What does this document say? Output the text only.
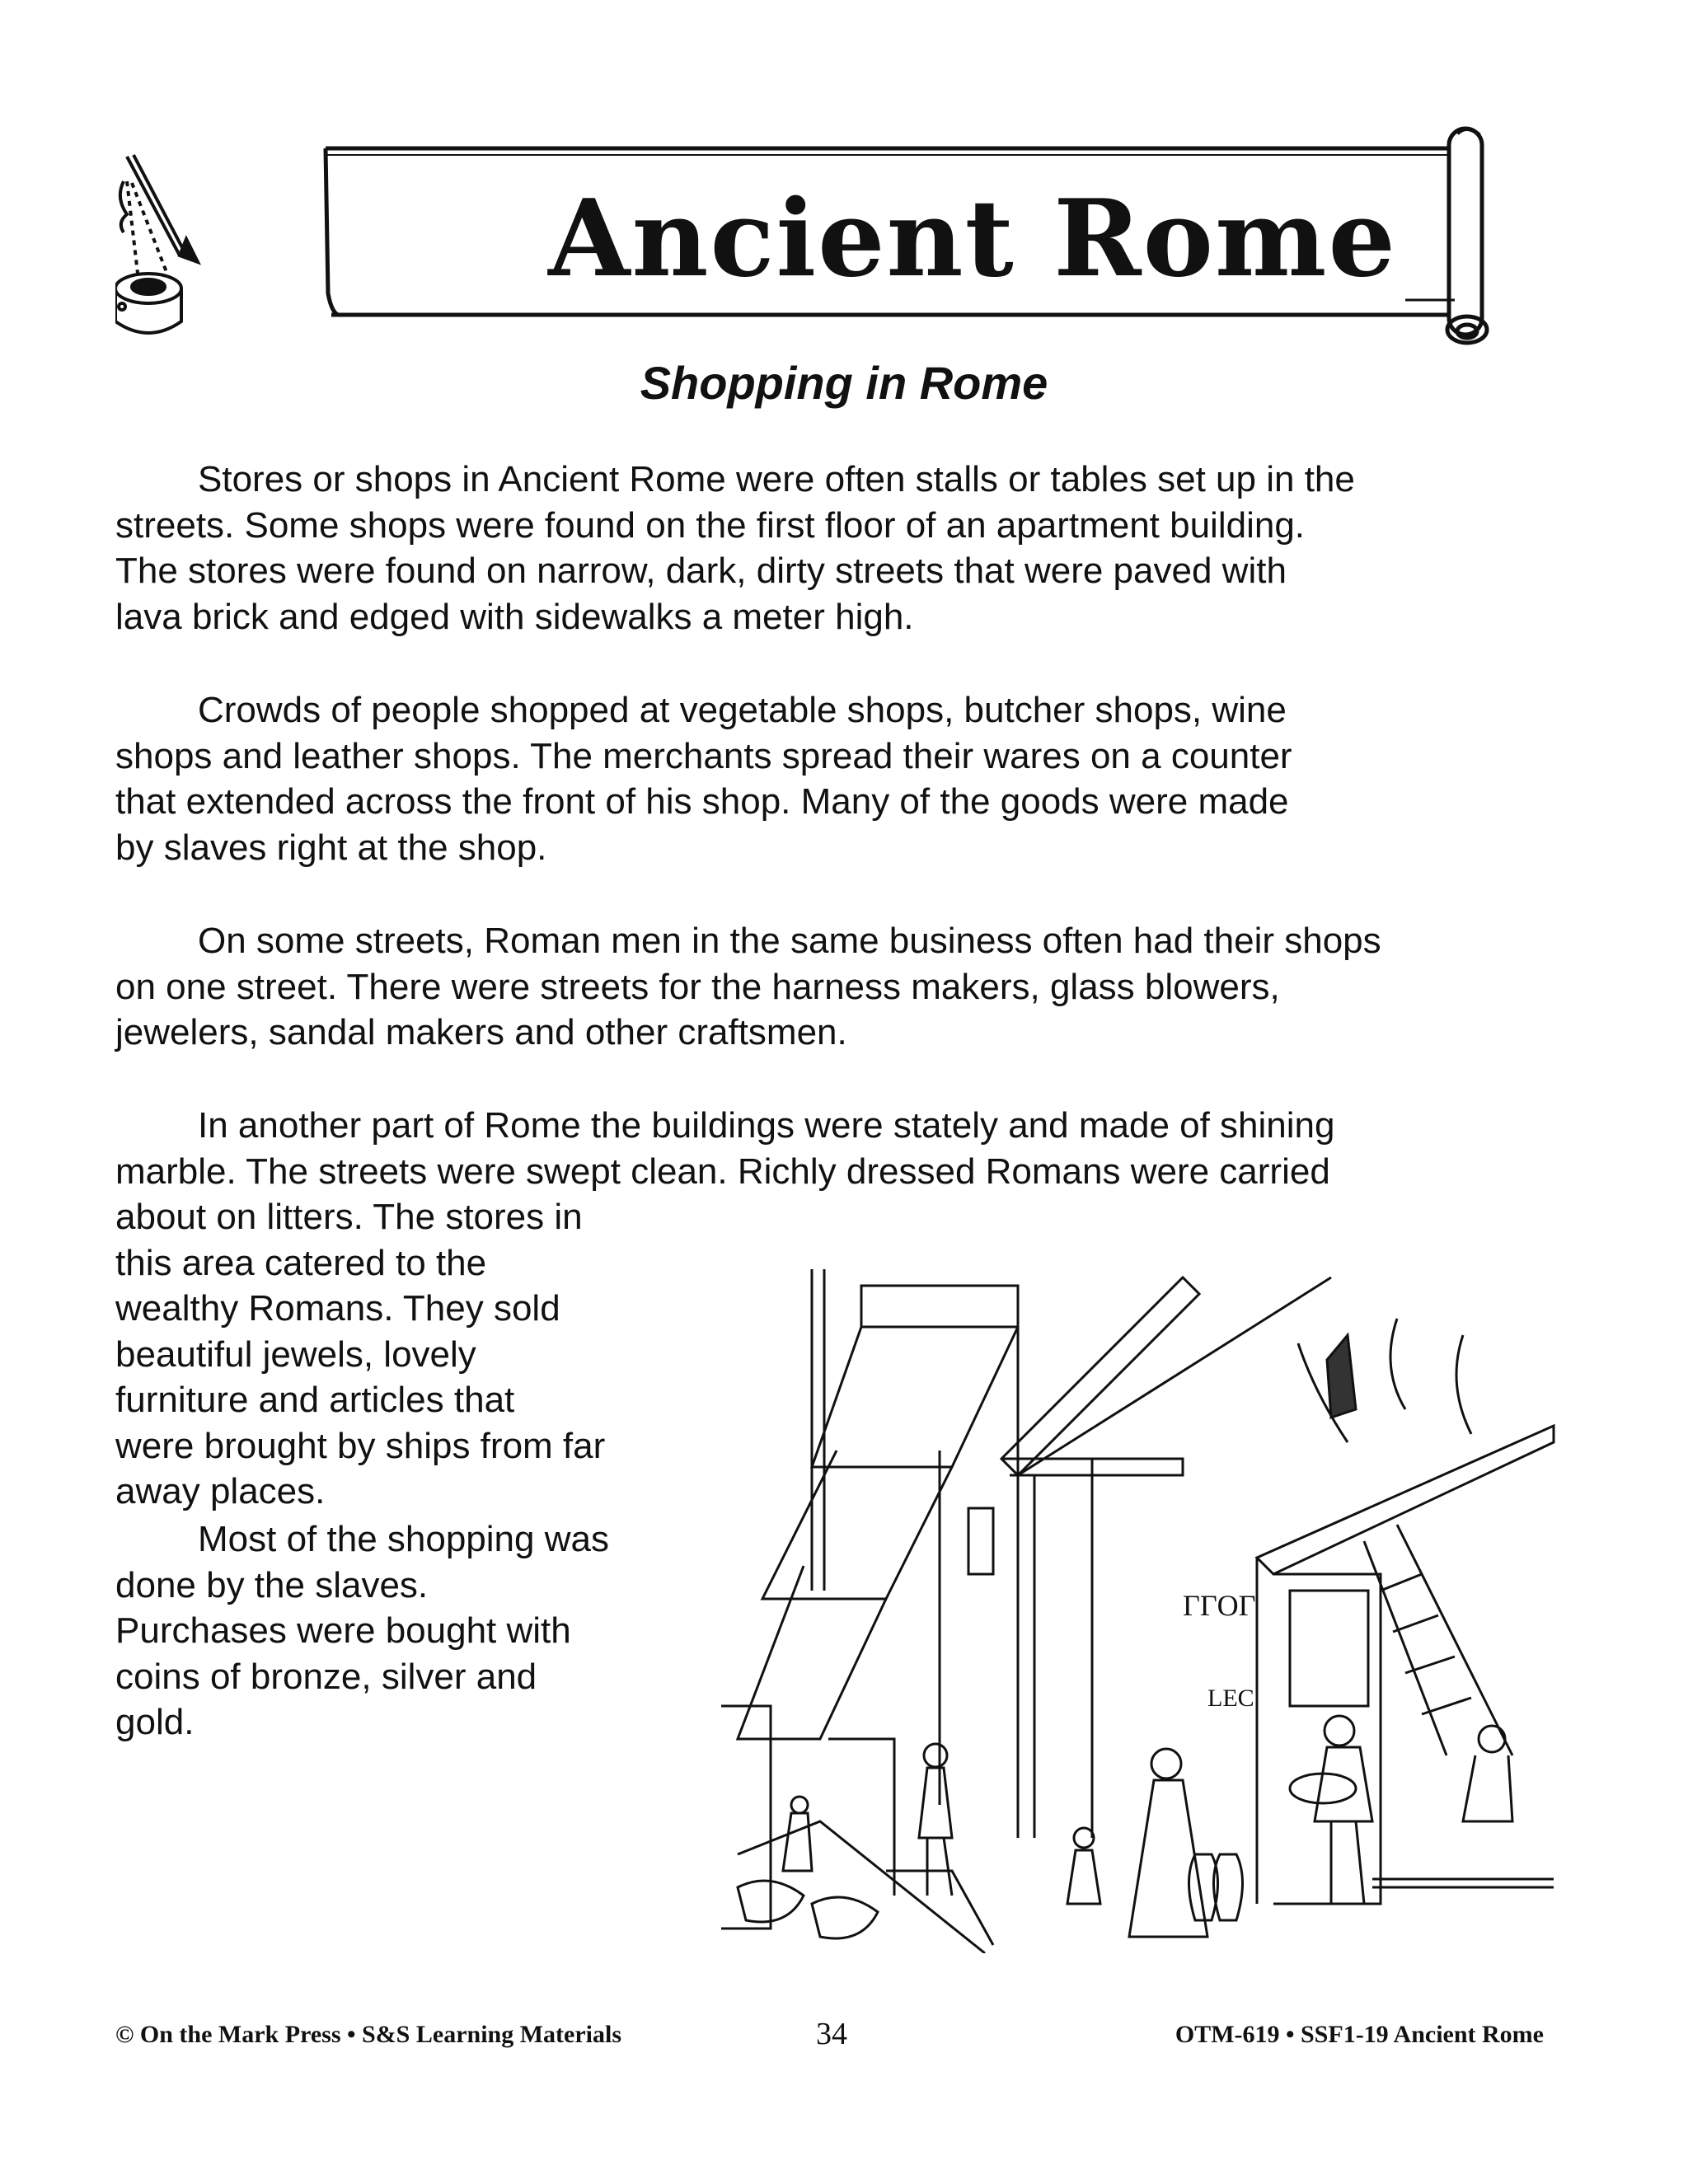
Ancient Rome
Shopping in Rome
Stores or shops in Ancient Rome were often stalls or tables set up in the
streets. Some shops were found on the first floor of an apartment building.
The stores were found on narrow, dark, dirty streets that were paved with
lava brick and edged with sidewalks a meter high.
Crowds of people shopped at vegetable shops, butcher shops, wine
shops and leather shops. The merchants spread their wares on a counter
that extended across the front of his shop. Many of the goods were made
by slaves right at the shop.
On some streets, Roman men in the same business often had their shops
on one street. There were streets for the harness makers, glass blowers,
jewelers, sandal makers and other craftsmen.
In another part of Rome the buildings were stately and made of shining
marble. The streets were swept clean. Richly dressed Romans were carried
about on litters. The stores in
this area catered to the
wealthy Romans. They sold
beautiful jewels, lovely
furniture and articles that
were brought by ships from far
away places.
Most of the shopping was
done by the slaves.
Purchases were bought with
coins of bronze, silver and
gold.
ΓΓΟΓ
LEC
© On the Mark Press • S&S Learning Materials	34	OTM-619 • SSF1-19 Ancient Rome
